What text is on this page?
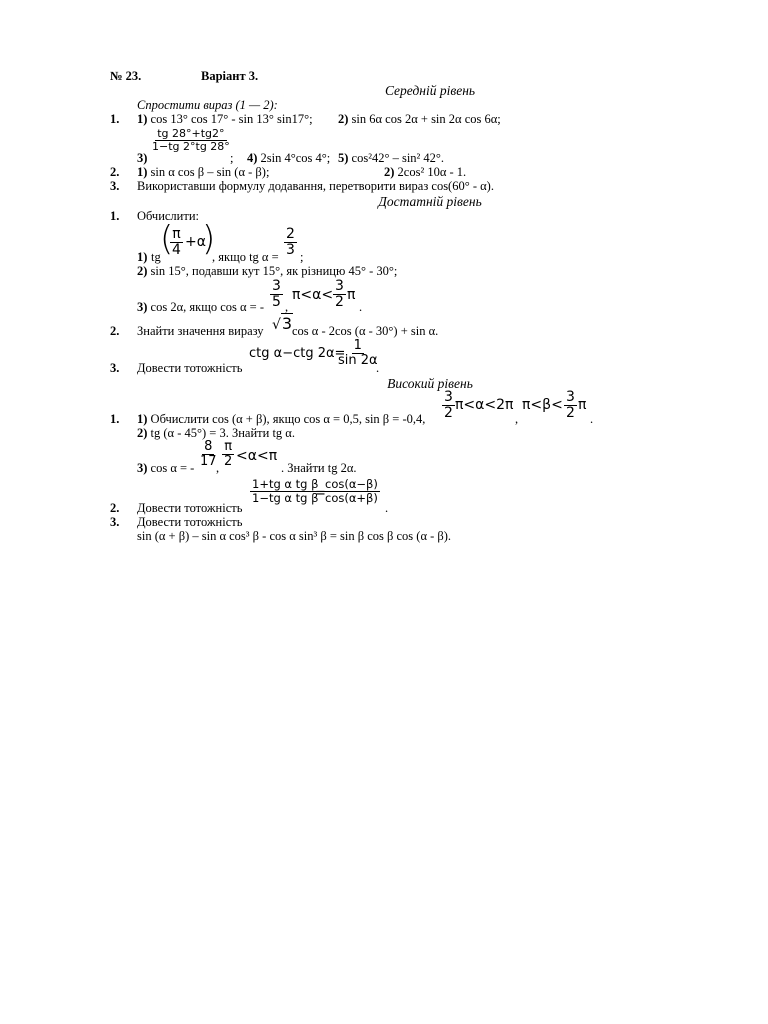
№ 23.	Варіант 3.
Середній рівень
Спростити вираз (1 — 2):
1. 1) cos 13° cos 17° - sin 13° sin17°; 2) sin 6α cos 2α + sin 2α cos 6α;
3)
$\frac{tg 28^\circ+tg2^\circ}{1-tg 2^\circ tg 28^\circ}$
; 4) 2sin 4°cos 4°; 5) cos²42° – sin² 42°.
2. 1) sin α cos β – sin (α - β);	2) 2cos² 10α - 1.
3. Використавши формулу додавання, перетворити вираз cos(60° - α).
Достатній рівень
1. Обчислити:
1) tg (
$\frac{\pi}{4} +\alpha$
)
, якщо tg $\alpha = \frac{2}{3}$ ;
2) sin 15°, подавши кут 15°, як різницю 45° - 30°;
3) cos 2α, якщо cos α = - $\frac{3}{5}$ ,
$\pi<\alpha< \frac{3}{2}$ π
.
2. Знайти значення виразу √3 cos α - 2cos (α - 30°) + sin α.
3. Довести тотожність
ctg α−ctg 2α=
$\frac{1}{\sin 2\alpha}$
.
Високий рівень
1. 1) Обчислити cos (α + β), якщо cos α = 0,5, sin β = -0,4, $\frac{3}{2} \pi<\alpha<2\pi$
,
$\pi<\beta< \frac{3}{2}$ π
.
2) tg (α - 45°) = 3. Знайти tg α.
3) cos α = - $\frac{8}{17}$
, $\frac{\pi}{2} <\alpha<\pi$
. Знайти tg 2α.
2. Довести тотожність
$\frac{\text{1+tg α tg β}}{\text{1−tg α tg β}}$
=
$\frac{\cos(\alpha-\beta)}{\cos(\alpha+\beta)}$
.
3. Довести тотожність
sin (α + β) – sin α cos³ β - cos α sin³ β = sin β cos β cos (α - β).
